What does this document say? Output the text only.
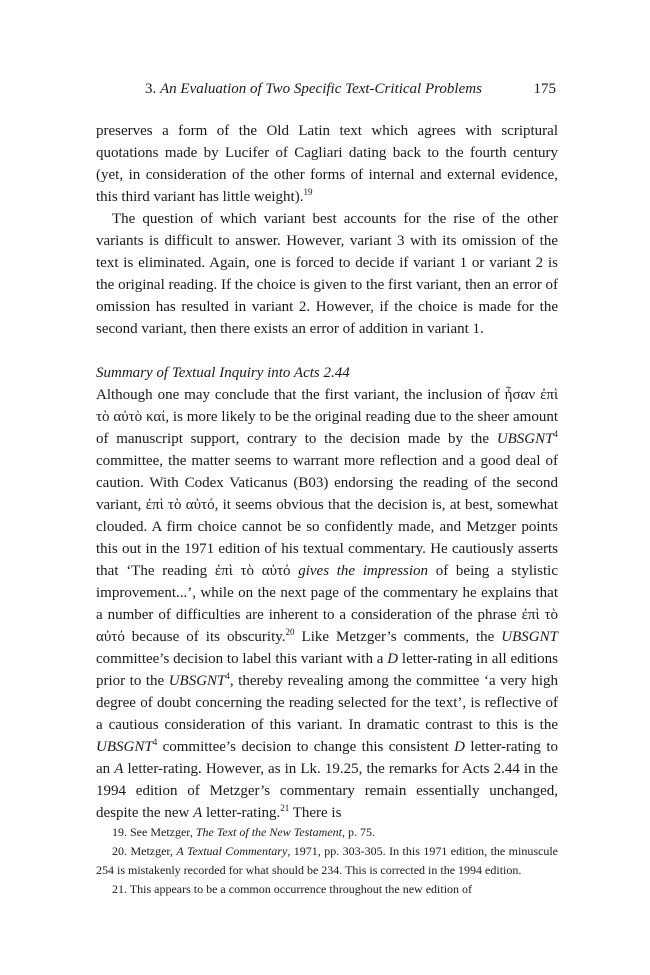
3. An Evaluation of Two Specific Text-Critical Problems	175

preserves a form of the Old Latin text which agrees with scriptural quotations made by Lucifer of Cagliari dating back to the fourth century (yet, in consideration of the other forms of internal and external evidence, this third variant has little weight).$^{19}$

The question of which variant best accounts for the rise of the other variants is difficult to answer. However, variant 3 with its omission of the text is eliminated. Again, one is forced to decide if variant 1 or variant 2 is the original reading. If the choice is given to the first variant, then an error of omission has resulted in variant 2. However, if the choice is made for the second variant, then there exists an error of addition in variant 1.

Summary of Textual Inquiry into Acts 2.44

Although one may conclude that the first variant, the inclusion of ἦσαν ἐπὶ τὸ αὐτὸ καί, is more likely to be the original reading due to the sheer amount of manuscript support, contrary to the decision made by the UBSGNT$^4$ committee, the matter seems to warrant more reflection and a good deal of caution. With Codex Vaticanus (B03) endorsing the reading of the second variant, ἐπὶ τὸ αὐτό, it seems obvious that the decision is, at best, somewhat clouded. A firm choice cannot be so confidently made, and Metzger points this out in the 1971 edition of his textual commentary. He cautiously asserts that ‘The reading ἐπὶ τὸ αὐτό gives the impression of being a stylistic improvement...’, while on the next page of the commentary he explains that a number of difficulties are inherent to a consideration of the phrase ἐπὶ τὸ αὐτό because of its obscurity.$^{20}$ Like Metzger’s comments, the UBSGNT committee’s decision to label this variant with a D letter-rating in all editions prior to the UBSGNT$^4$, thereby revealing among the committee ‘a very high degree of doubt concerning the reading selected for the text’, is reflective of a cautious consideration of this variant. In dramatic contrast to this is the UBSGNT$^4$ committee’s decision to change this consistent D letter-rating to an A letter-rating. However, as in Lk. 19.25, the remarks for Acts 2.44 in the 1994 edition of Metzger’s commentary remain essentially unchanged, despite the new A letter-rating.$^{21}$ There is

19. See Metzger, The Text of the New Testament, p. 75.

20. Metzger, A Textual Commentary, 1971, pp. 303-305. In this 1971 edition, the minuscule 254 is mistakenly recorded for what should be 234. This is corrected in the 1994 edition.

21. This appears to be a common occurrence throughout the new edition of
